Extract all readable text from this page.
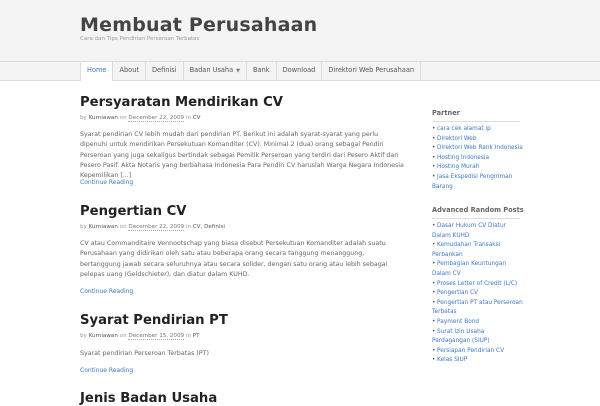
Membuat Perusahaan
Cara dan Tips Pendirian Perseroan Terbatas
Home	About	Definisi	Badan Usaha ▼	Bank	Download	Direktori Web Perusahaan
Persyaratan Mendirikan CV
by Kurniawan on December 22, 2009 in CV
Syarat pendirian CV lebih mudah dari pendirian PT. Berikut ini adalah syarat-syarat yang perlu dipenuhi untuk mendirikan Persekutuan Komanditer (CV). Minimal 2 (dua) orang sebagai Pendiri Perseroan yang juga sekaligus bertindak sebagai Pemilik Perseroan yang terdiri dari Pesero Aktif dan Pesero Pasif. Akta Notaris yang berbahasa Indonesia Para Pendiri CV haruslah Warga Negara Indonesia Kepemilikan [...]
Continue Reading
Pengertian CV
by Kurniawan on December 22, 2009 in CV, Definisi
CV atau Commanditaire Vennootschap yang biasa disebut Persekutuan Komanditer adalah suatu Perusahaan yang didirikan oleh satu atau beberapa orang secara tanggung menanggung, bertanggung jawab secara seluruhnya atau secara solider, dengan satu orang atau lebih sebagai pelepas uang (Geldschieter), dan diatur dalam KUHD.
Continue Reading
Syarat Pendirian PT
by Kurniawan on December 15, 2009 in PT
Syarat pendirian Perseroan Terbatas (PT)
Continue Reading
Jenis Badan Usaha
Partner
• cara cek alamat ip
• Direktori Web
• Direktori Web Rank Indonesia
• Hosting Indonesia
• Hosting Murah
• Jasa Ekspedisi Pengiriman Barang
Advanced Random Posts
• Dasar Hukum CV Diatur Dalam KUHD
• Kemudahan Transaksi Perbankan
• Pembagian Keuntungan Dalam CV
• Proses Letter of Credit (L/C)
• Pengertian CV
• Pengertian PT atau Perseroan Terbatas
• Payment Bond
• Surat Izin Usaha Perdagangan (SIUP)
• Persiapan Pendirian CV
• Kelas SIUP
